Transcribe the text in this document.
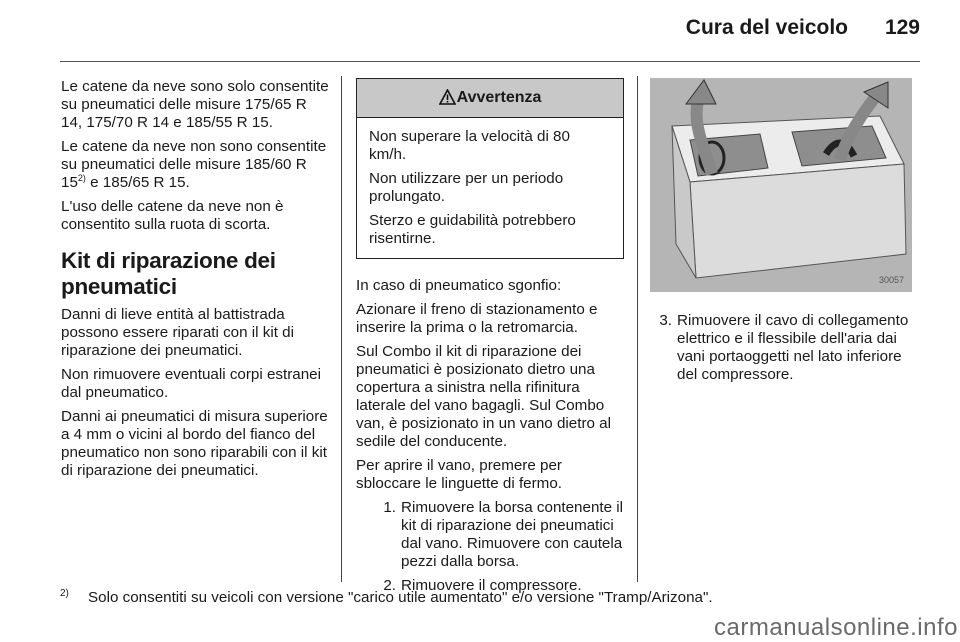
Cura del veicolo	129

Le catene da neve sono solo consentite su pneumatici delle misure 175/65 R 14, 175/70 R 14 e 185/55 R 15.

Le catene da neve non sono consentite su pneumatici delle misure 185/60 R 15$^{2)}$ e 185/65 R 15.

L'uso delle catene da neve non è consentito sulla ruota di scorta.

Kit di riparazione dei pneumatici

Danni di lieve entità al battistrada possono essere riparati con il kit di riparazione dei pneumatici.

Non rimuovere eventuali corpi estranei dal pneumatico.

Danni ai pneumatici di misura superiore a 4 mm o vicini al bordo del fianco del pneumatico non sono riparabili con il kit di riparazione dei pneumatici.

Avvertenza

Non superare la velocità di 80 km/h.

Non utilizzare per un periodo prolungato.

Sterzo e guidabilità potrebbero risentirne.

In caso di pneumatico sgonfio:

Azionare il freno di stazionamento e inserire la prima o la retromarcia.

Sul Combo il kit di riparazione dei pneumatici è posizionato dietro una copertura a sinistra nella rifinitura laterale del vano bagagli. Sul Combo van, è posizionato in un vano dietro al sedile del conducente.

Per aprire il vano, premere per sbloccare le linguette di fermo.

1. Rimuovere la borsa contenente il kit di riparazione dei pneumatici dal vano. Rimuovere con cautela pezzi dalla borsa.
2. Rimuovere il compressore.
30057
3. Rimuovere il cavo di collegamento elettrico e il flessibile dell'aria dai vani portaoggetti nel lato inferiore del compressore.
2) Solo consentiti su veicoli con versione "carico utile aumentato" e/o versione "Tramp/Arizona".
carmanualsonline.info
